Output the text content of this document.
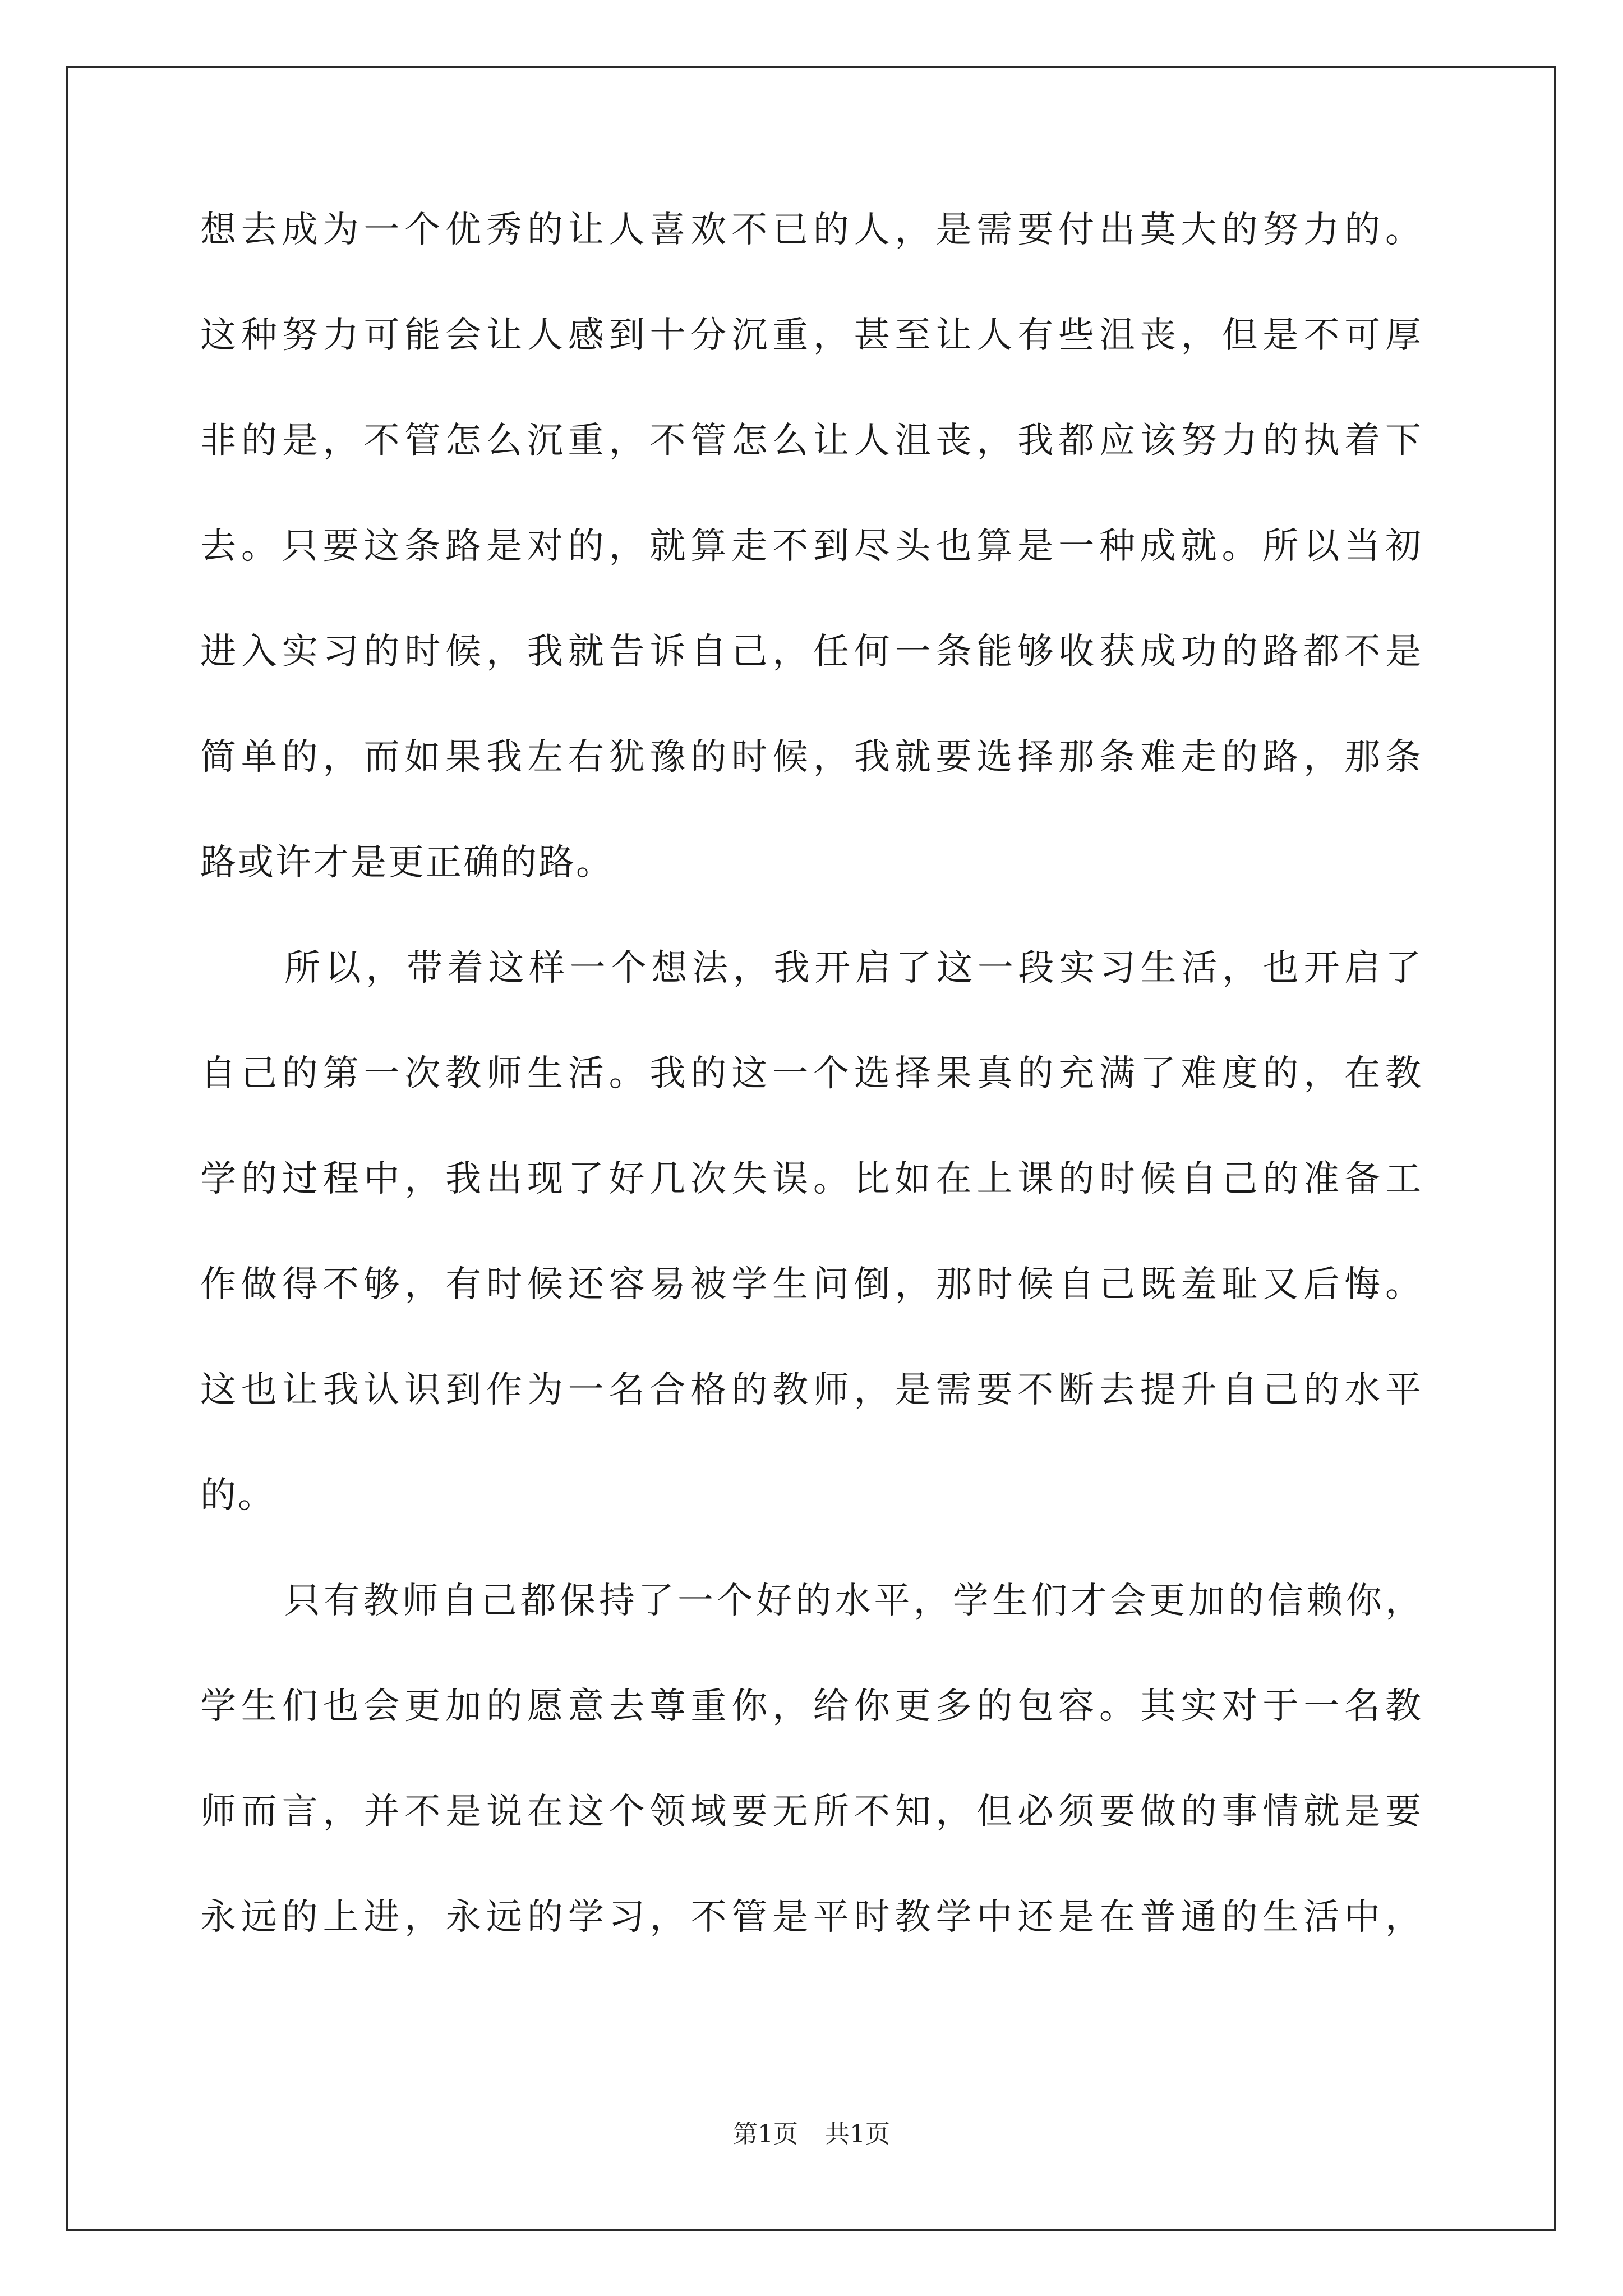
想去成为一个优秀的让人喜欢不已的人，是需要付出莫大的努力的。
这种努力可能会让人感到十分沉重，甚至让人有些沮丧，但是不可厚
非的是，不管怎么沉重，不管怎么让人沮丧，我都应该努力的执着下
去。只要这条路是对的，就算走不到尽头也算是一种成就。所以当初
进入实习的时候，我就告诉自己，任何一条能够收获成功的路都不是
简单的，而如果我左右犹豫的时候，我就要选择那条难走的路，那条
路或许才是更正确的路。
所以，带着这样一个想法，我开启了这一段实习生活，也开启了
自己的第一次教师生活。我的这一个选择果真的充满了难度的，在教
学的过程中，我出现了好几次失误。比如在上课的时候自己的准备工
作做得不够，有时候还容易被学生问倒，那时候自己既羞耻又后悔。
这也让我认识到作为一名合格的教师，是需要不断去提升自己的水平
的。
只有教师自己都保持了一个好的水平，学生们才会更加的信赖你，
学生们也会更加的愿意去尊重你，给你更多的包容。其实对于一名教
师而言，并不是说在这个领域要无所不知，但必须要做的事情就是要
永远的上进，永远的学习，不管是平时教学中还是在普通的生活中，
第1页 共1页
